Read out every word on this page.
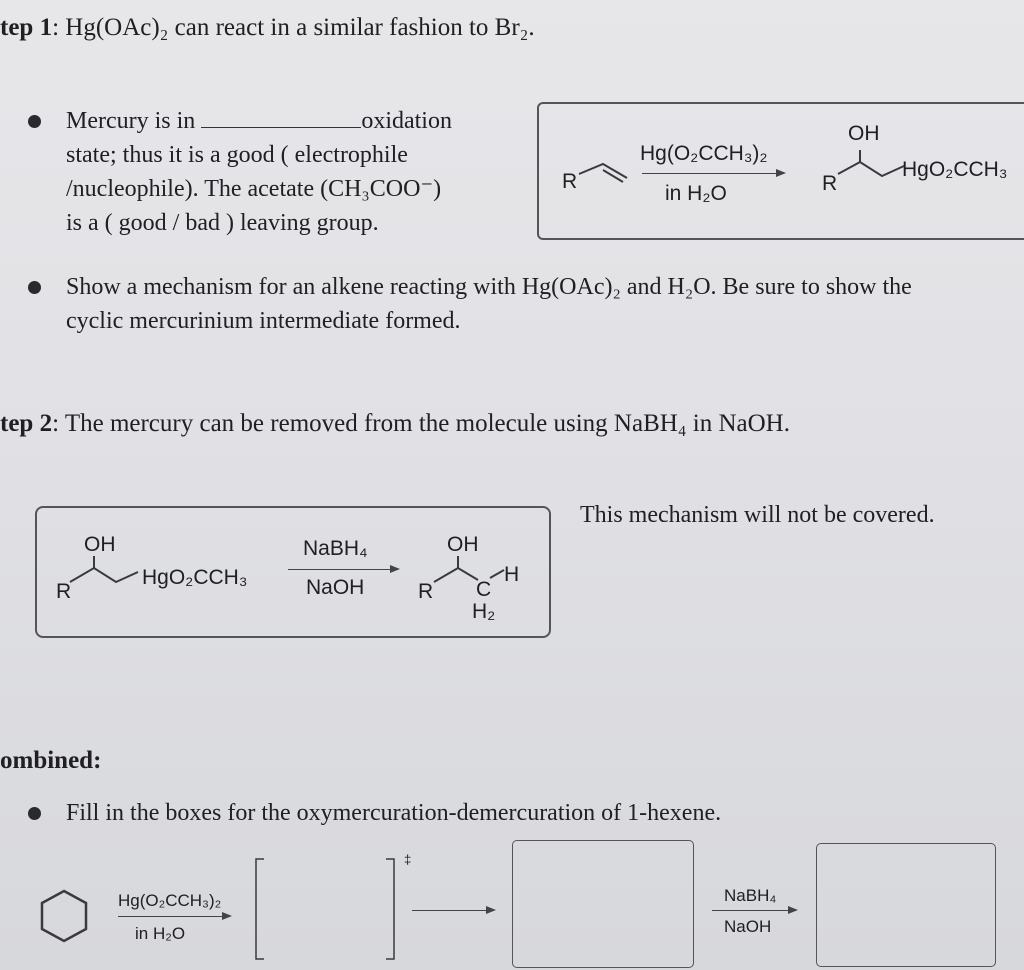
tep 1: Hg(OAc)₂ can react in a similar fashion to Br₂.
Mercury is in	oxidation
state; thus it is a good ( electrophile
/nucleophile). The acetate (CH₃COO⁻)
is a ( good / bad ) leaving group.
R
Hg(O₂CCH₃)₂
in H₂O
OH
R
HgO₂CCH₃
Show a mechanism for an alkene reacting with Hg(OAc)₂ and H₂O. Be sure to show the
cyclic mercurinium intermediate formed.
tep 2: The mercury can be removed from the molecule using NaBH₄ in NaOH.
This mechanism will not be covered.
OH
R
HgO₂CCH₃
NaBH₄
NaOH
OH
R C
H
H₂
ombined:
Fill in the boxes for the oxymercuration-demercuration of 1-hexene.
Hg(O₂CCH₃)₂
in H₂O
‡
NaBH₄
NaOH
